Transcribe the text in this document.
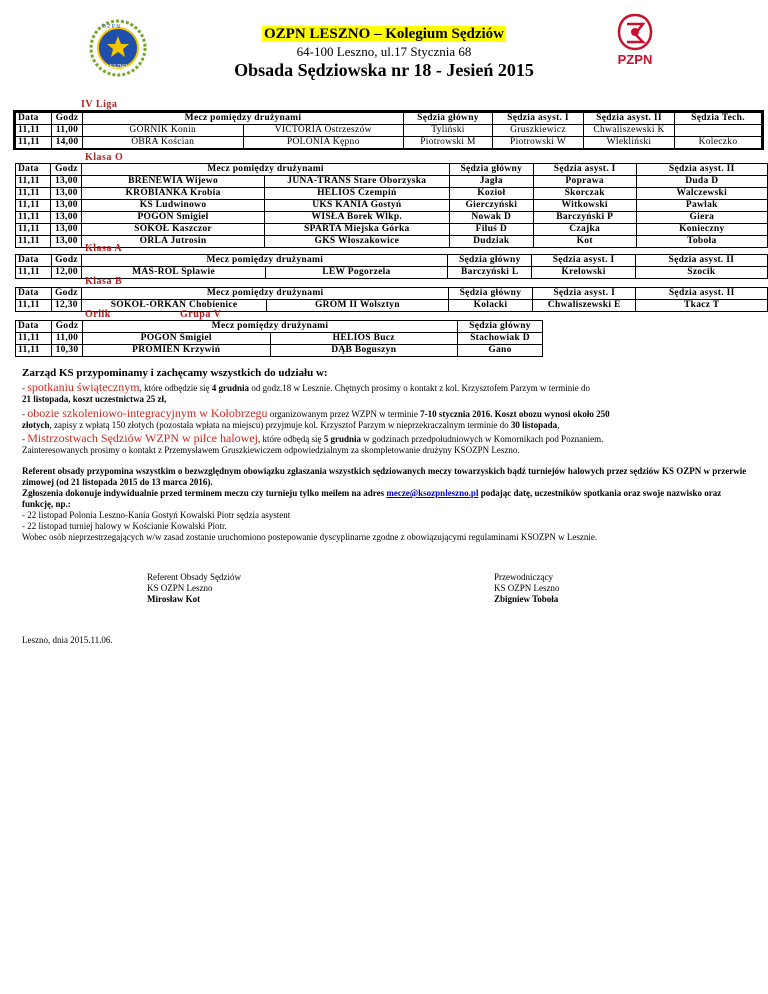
O Z P N
LESZNO
OZPN LESZNO – Kolegium Sędziów
64-100 Leszno, ul.17 Stycznia 68
Obsada Sędziowska nr 18 - Jesień 2015
PZPN
IV Liga
Data	Godz	Mecz pomiędzy drużynami		Sędzia główny	Sędzia asyst. I	Sędzia asyst. II	Sędzia Tech.
11,11	11,00	GÓRNIK Konin	VICTORIA Ostrzeszów	Tyliński	Gruszkiewicz	Chwaliszewski K	
11,11	14,00	OBRA Kościan	POLONIA Kępno	Piotrowski M	Piotrowski W	Wlekliński	Koleczko
Klasa O
Data	Godz	Mecz pomiędzy drużynami		Sędzia główny	Sędzia asyst. I	Sędzia asyst. II
11,11	13,00	BRENEWIA Wijewo	JUNA-TRANS Stare Oborzyska	Jagła	Poprawa	Duda D
11,11	13,00	KROBIANKA Krobia	HELIOS Czempiń	Kozioł	Skorczak	Walczewski
11,11	13,00	KS Ludwinowo	UKS KANIA Gostyń	Gierczyński	Witkowski	Pawlak
11,11	13,00	POGOŃ Śmigiel	WISŁA Borek Wlkp.	Nowak D	Barczyński P	Giera
11,11	13,00	SOKÓŁ Kaszczor	SPARTA Miejska Górka	Filuś D	Czajka	Konieczny
11,11	13,00	ORLA Jutrosin	GKS Włoszakowice	Dudziak	Kot	Toboła
Klasa A
Data	Godz	Mecz pomiędzy drużynami		Sędzia główny	Sędzia asyst. I	Sędzia asyst. II
11,11	12,00	MAS-ROL Splawie	LEW Pogorzela	Barczyński L	Krelowski	Szocik
Klasa B
Data	Godz	Mecz pomiędzy drużynami		Sędzia główny	Sędzia asyst. I	Sędzia asyst. II
11,11	12,30	SOKÓŁ-ORKAN Chobienice	GROM II Wolsztyn	Kolacki	Chwaliszewski E	Tkacz T
Orlik	Grupa V
Data	Godz	Mecz pomiędzy drużynami		Sędzia główny
11,11	11,00	POGOŃ Śmigiel	HELIOS Bucz	Stachowiak D
11,11	10,30	PROMIEŃ Krzywiń	DĄB Boguszyn	Gano
Zarząd KS przypominamy i zachęcamy wszystkich do udziału w:
- spotkaniu świątecznym, które odbędzie się 4 grudnia od godz.18 w Lesznie. Chętnych prosimy o kontakt z kol. Krzysztofem Parzym w terminie do
21 listopada, koszt uczestnictwa 25 zł,
- obozie szkoleniowo-integracyjnym w Kołobrzegu organizowanym przez WZPN w terminie 7-10 stycznia 2016. Koszt obozu wynosi około 250
złotych, zapisy z wpłatą 150 złotych (pozostała wpłata na miejscu) przyjmuje kol. Krzysztof Parzym w nieprzekraczalnym terminie do 30 listopada,
- Mistrzostwach Sędziów WZPN w piłce halowej, które odbędą się 5 grudnia w godzinach przedpołudniowych w Komornikach pod Poznaniem.
Zainteresowanych prosimy o kontakt z Przemysławem Gruszkiewiczem odpowiedzialnym za skompletowanie drużyny KSOZPN Leszno.
Referent obsady przypomina wszystkim o bezwzględnym obowiązku zgłaszania wszystkich sędziowanych meczy towarzyskich bądź turniejów halowych przez sędziów KS OZPN w przerwie zimowej (od 21 listopada 2015 do 13 marca 2016).
Zgłoszenia dokonuje indywidualnie przed terminem meczu czy turnieju tylko meilem na adres mecze@ksozpnleszno.pl podając datę, uczestników spotkania oraz swoje nazwisko oraz funkcję, np.:
- 22 listopad Polonia Leszno-Kania Gostyń Kowalski Piotr sędzia asystent
- 22 listopad turniej halowy w Kościanie Kowalski Piotr.
Wobec osób nieprzestrzegających w/w zasad zostanie uruchomiono postepowanie dyscyplinarne zgodne z obowiązującymi regulaminami KSOZPN w Lesznie.
Referent Obsady Sędziów
KS OZPN Leszno
Mirosław Kot
Przewodniczący
KS OZPN Leszno
Zbigniew Toboła
Leszno, dnia 2015.11.06.
